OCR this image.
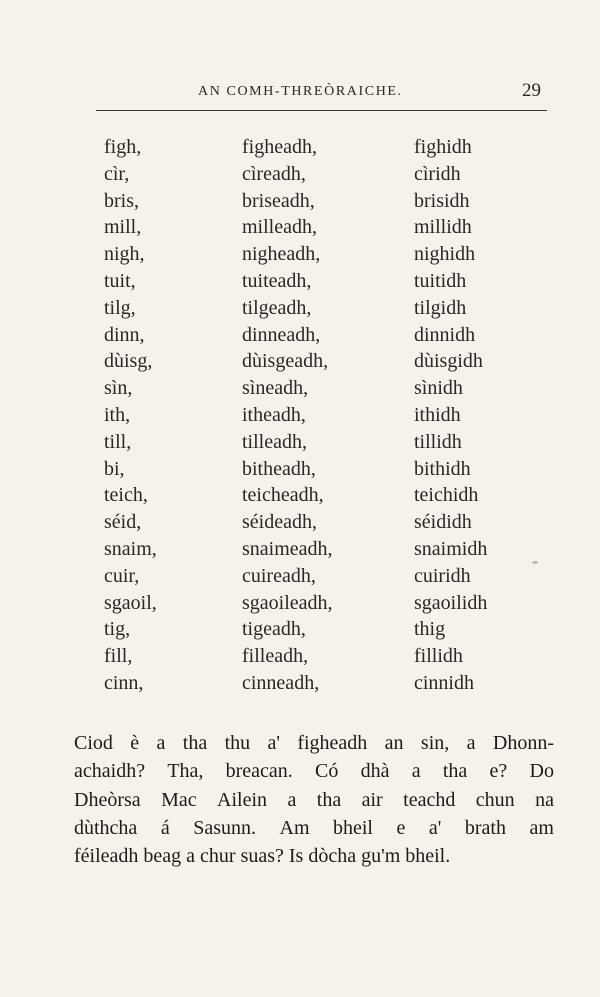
AN COMH-THREÒRAICHE.	29
figh,	figheadh,	fighidh
cìr,	cìreadh,	cìridh
bris,	briseadh,	brisidh
mill,	milleadh,	millidh
nigh,	nigheadh,	nighidh
tuit,	tuiteadh,	tuitidh
tilg,	tilgeadh,	tilgidh
dinn,	dinneadh,	dinnidh
dùisg,	dùisgeadh,	dùisgidh
sìn,	sìneadh,	sìnidh
ith,	itheadh,	ithidh
till,	tilleadh,	tillidh
bi,	bitheadh,	bithidh
teich,	teicheadh,	teichidh
séid,	séideadh,	séididh
snaim,	snaimeadh,	snaimidh
cuir,	cuireadh,	cuiridh
sgaoil,	sgaoileadh,	sgaoilidh
tig,	tigeadh,	thig
fill,	filleadh,	fillidh
cinn,	cinneadh,	cinnidh
Ciod è a tha thu a' figheadh an sin, a Dhonn-
achaidh? Tha, breacan. Có dhà a tha e? Do
Dheòrsa Mac Ailein a tha air teachd chun na
dùthcha á Sasunn. Am bheil e a' brath am
féileadh beag a chur suas? Is dòcha gu'm bheil.
